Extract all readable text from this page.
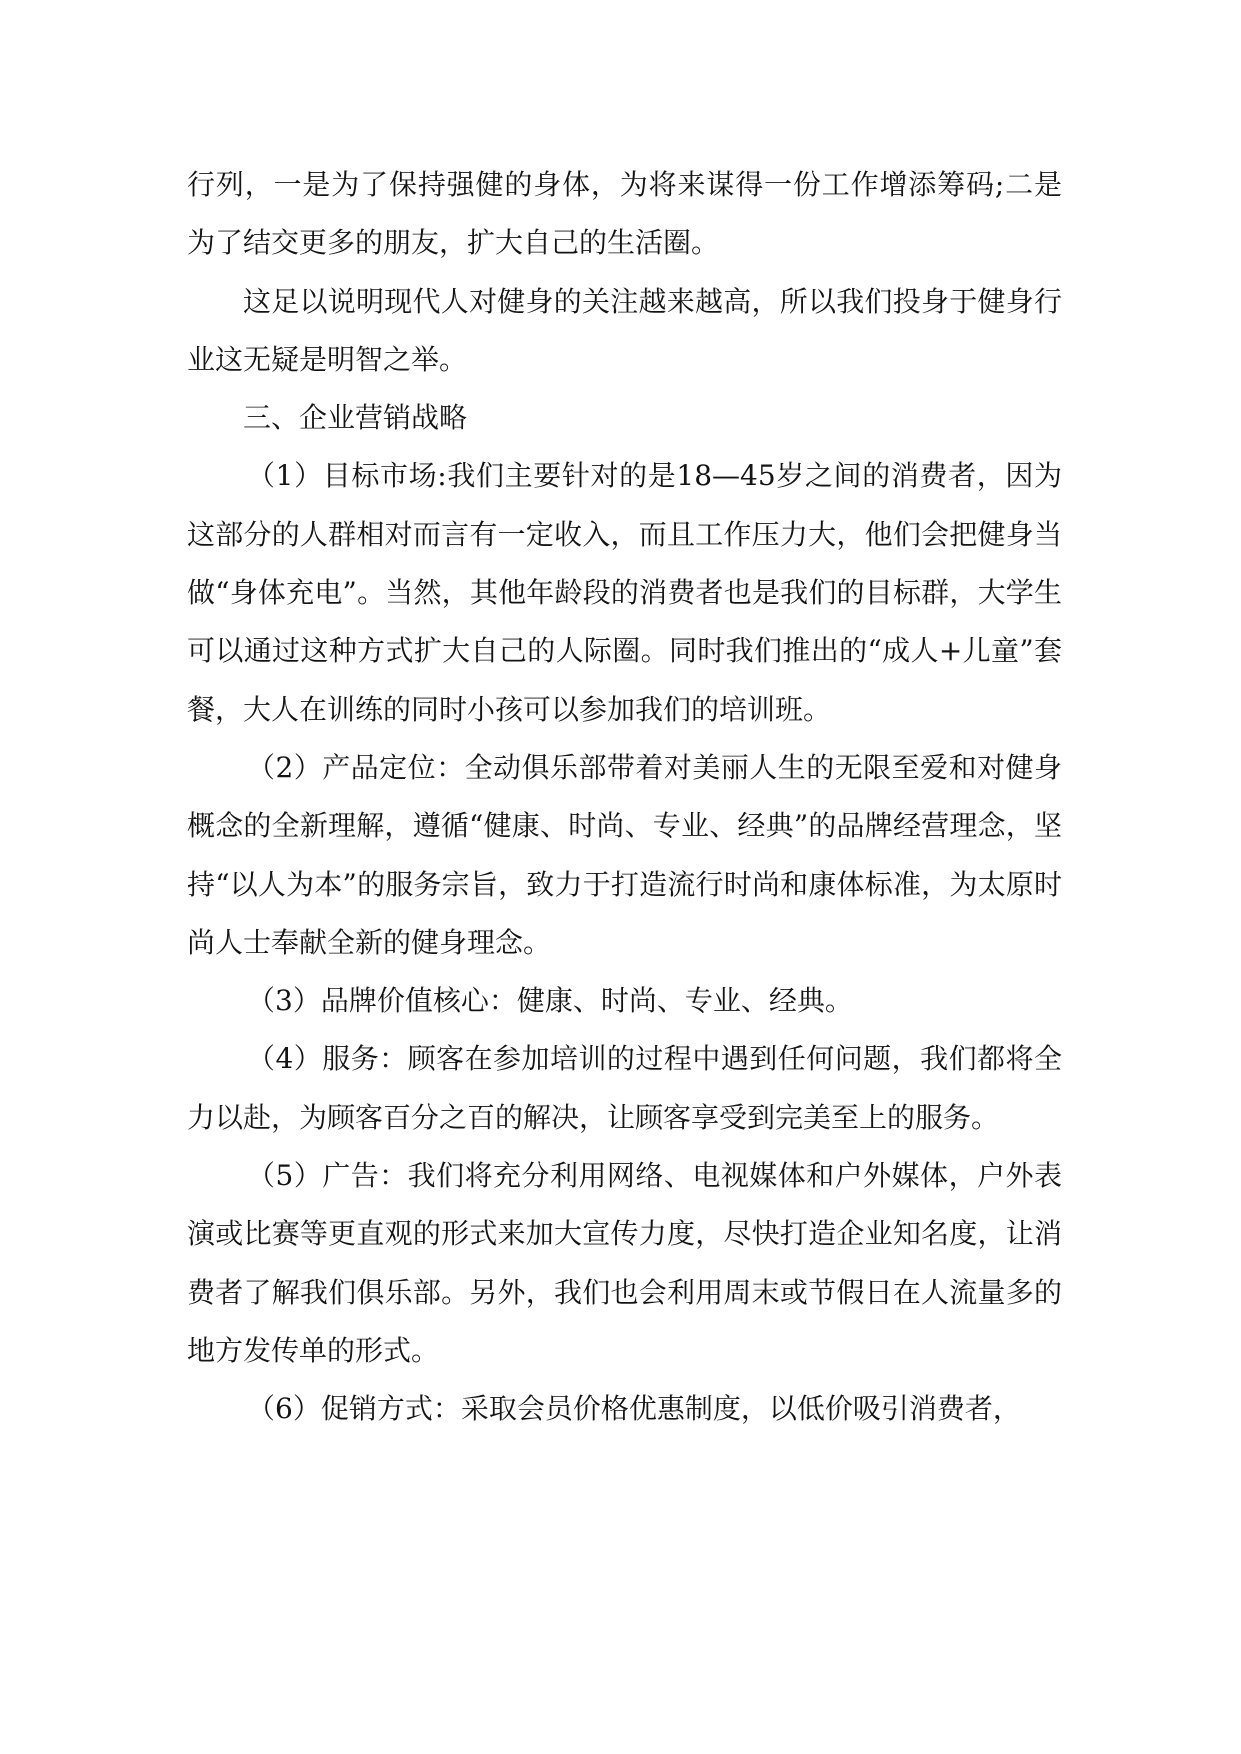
行列，一是为了保持强健的身体，为将来谋得一份工作增添筹码;二是为了结交更多的朋友，扩大自己的生活圈。

这足以说明现代人对健身的关注越来越高，所以我们投身于健身行业这无疑是明智之举。

三、企业营销战略

（1）目标市场:我们主要针对的是18—45岁之间的消费者，因为这部分的人群相对而言有一定收入，而且工作压力大，他们会把健身当做“身体充电”。当然，其他年龄段的消费者也是我们的目标群，大学生可以通过这种方式扩大自己的人际圈。同时我们推出的“成人+儿童”套餐，大人在训练的同时小孩可以参加我们的培训班。

（2）产品定位：全动俱乐部带着对美丽人生的无限至爱和对健身概念的全新理解，遵循“健康、时尚、专业、经典”的品牌经营理念，坚持“以人为本”的服务宗旨，致力于打造流行时尚和康体标准，为太原时尚人士奉献全新的健身理念。

（3）品牌价值核心：健康、时尚、专业、经典。

（4）服务：顾客在参加培训的过程中遇到任何问题，我们都将全力以赴，为顾客百分之百的解决，让顾客享受到完美至上的服务。

（5）广告：我们将充分利用网络、电视媒体和户外媒体，户外表演或比赛等更直观的形式来加大宣传力度，尽快打造企业知名度，让消费者了解我们俱乐部。另外，我们也会利用周末或节假日在人流量多的地方发传单的形式。

（6）促销方式：采取会员价格优惠制度，以低价吸引消费者，
